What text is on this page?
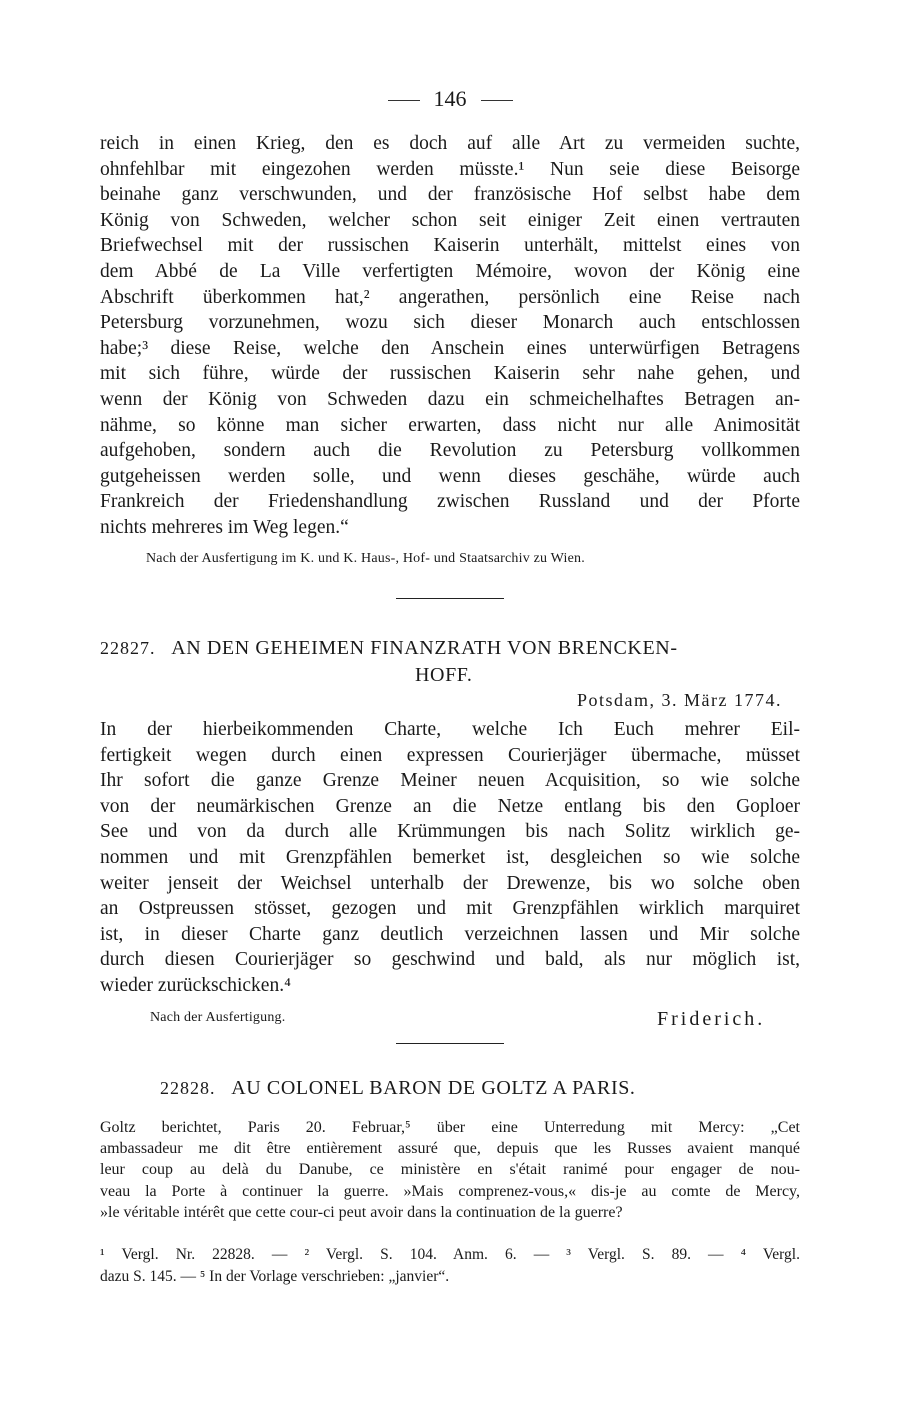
146
reich in einen Krieg, den es doch auf alle Art zu vermeiden suchte,
ohnfehlbar mit eingezohen werden müsste.¹ Nun seie diese Beisorge
beinahe ganz verschwunden, und der französische Hof selbst habe dem
König von Schweden, welcher schon seit einiger Zeit einen vertrauten
Briefwechsel mit der russischen Kaiserin unterhält, mittelst eines von
dem Abbé de La Ville verfertigten Mémoire, wovon der König eine
Abschrift überkommen hat,² angerathen, persönlich eine Reise nach
Petersburg vorzunehmen, wozu sich dieser Monarch auch entschlossen
habe;³ diese Reise, welche den Anschein eines unterwürfigen Betragens
mit sich führe, würde der russischen Kaiserin sehr nahe gehen, und
wenn der König von Schweden dazu ein schmeichelhaftes Betragen an-
nähme, so könne man sicher erwarten, dass nicht nur alle Animosität
aufgehoben, sondern auch die Revolution zu Petersburg vollkommen
gutgeheissen werden solle, und wenn dieses geschähe, würde auch
Frankreich der Friedenshandlung zwischen Russland und der Pforte
nichts mehreres im Weg legen.“
Nach der Ausfertigung im K. und K. Haus-, Hof- und Staatsarchiv zu Wien.
22827. AN DEN GEHEIMEN FINANZRATH VON BRENCKEN-
HOFF.
Potsdam, 3. März 1774.
In der hierbeikommenden Charte, welche Ich Euch mehrer Eil-
fertigkeit wegen durch einen expressen Courierjäger übermache, müsset
Ihr sofort die ganze Grenze Meiner neuen Acquisition, so wie solche
von der neumärkischen Grenze an die Netze entlang bis den Goploer
See und von da durch alle Krümmungen bis nach Solitz wirklich ge-
nommen und mit Grenzpfählen bemerket ist, desgleichen so wie solche
weiter jenseit der Weichsel unterhalb der Drewenze, bis wo solche oben
an Ostpreussen stösset, gezogen und mit Grenzpfählen wirklich marquiret
ist, in dieser Charte ganz deutlich verzeichnen lassen und Mir solche
durch diesen Courierjäger so geschwind und bald, als nur möglich ist,
wieder zurückschicken.⁴
Nach der Ausfertigung.	Friderich.
22828. AU COLONEL BARON DE GOLTZ A PARIS.
Goltz berichtet, Paris 20. Februar,⁵ über eine Unterredung mit Mercy: „Cet
ambassadeur me dit être entièrement assuré que, depuis que les Russes avaient manqué
leur coup au delà du Danube, ce ministère en s'était ranimé pour engager de nou-
veau la Porte à continuer la guerre. »Mais comprenez-vous,« dis-je au comte de Mercy,
»le véritable intérêt que cette cour-ci peut avoir dans la continuation de la guerre?
¹ Vergl. Nr. 22828. — ² Vergl. S. 104. Anm. 6. — ³ Vergl. S. 89. — ⁴ Vergl.
dazu S. 145. — ⁵ In der Vorlage verschrieben: „janvier“.
